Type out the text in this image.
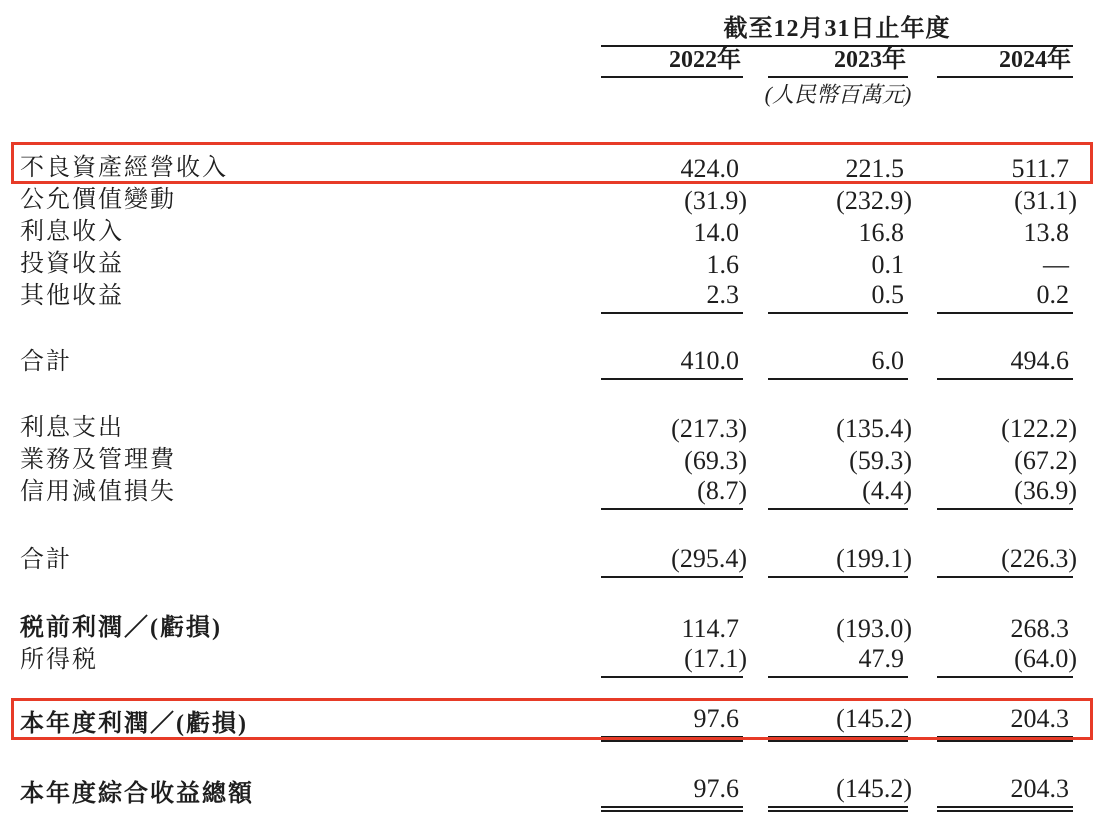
截至12月31日止年度
2022年	2023年	2024年
(人民幣百萬元)
不良資產經營收入	424.0	221.5	511.7
公允價值變動	(31.9)	(232.9)	(31.1)
利息收入	14.0	16.8	13.8
投資收益	1.6	0.1	—
其他收益	2.3	0.5	0.2
合計	410.0	6.0	494.6
利息支出	(217.3)	(135.4)	(122.2)
業務及管理費	(69.3)	(59.3)	(67.2)
信用減值損失	(8.7)	(4.4)	(36.9)
合計	(295.4)	(199.1)	(226.3)
税前利潤／(虧損)	114.7	(193.0)	268.3
所得税	(17.1)	47.9	(64.0)
本年度利潤／(虧損)	97.6	(145.2)	204.3
本年度綜合收益總額	97.6	(145.2)	204.3
